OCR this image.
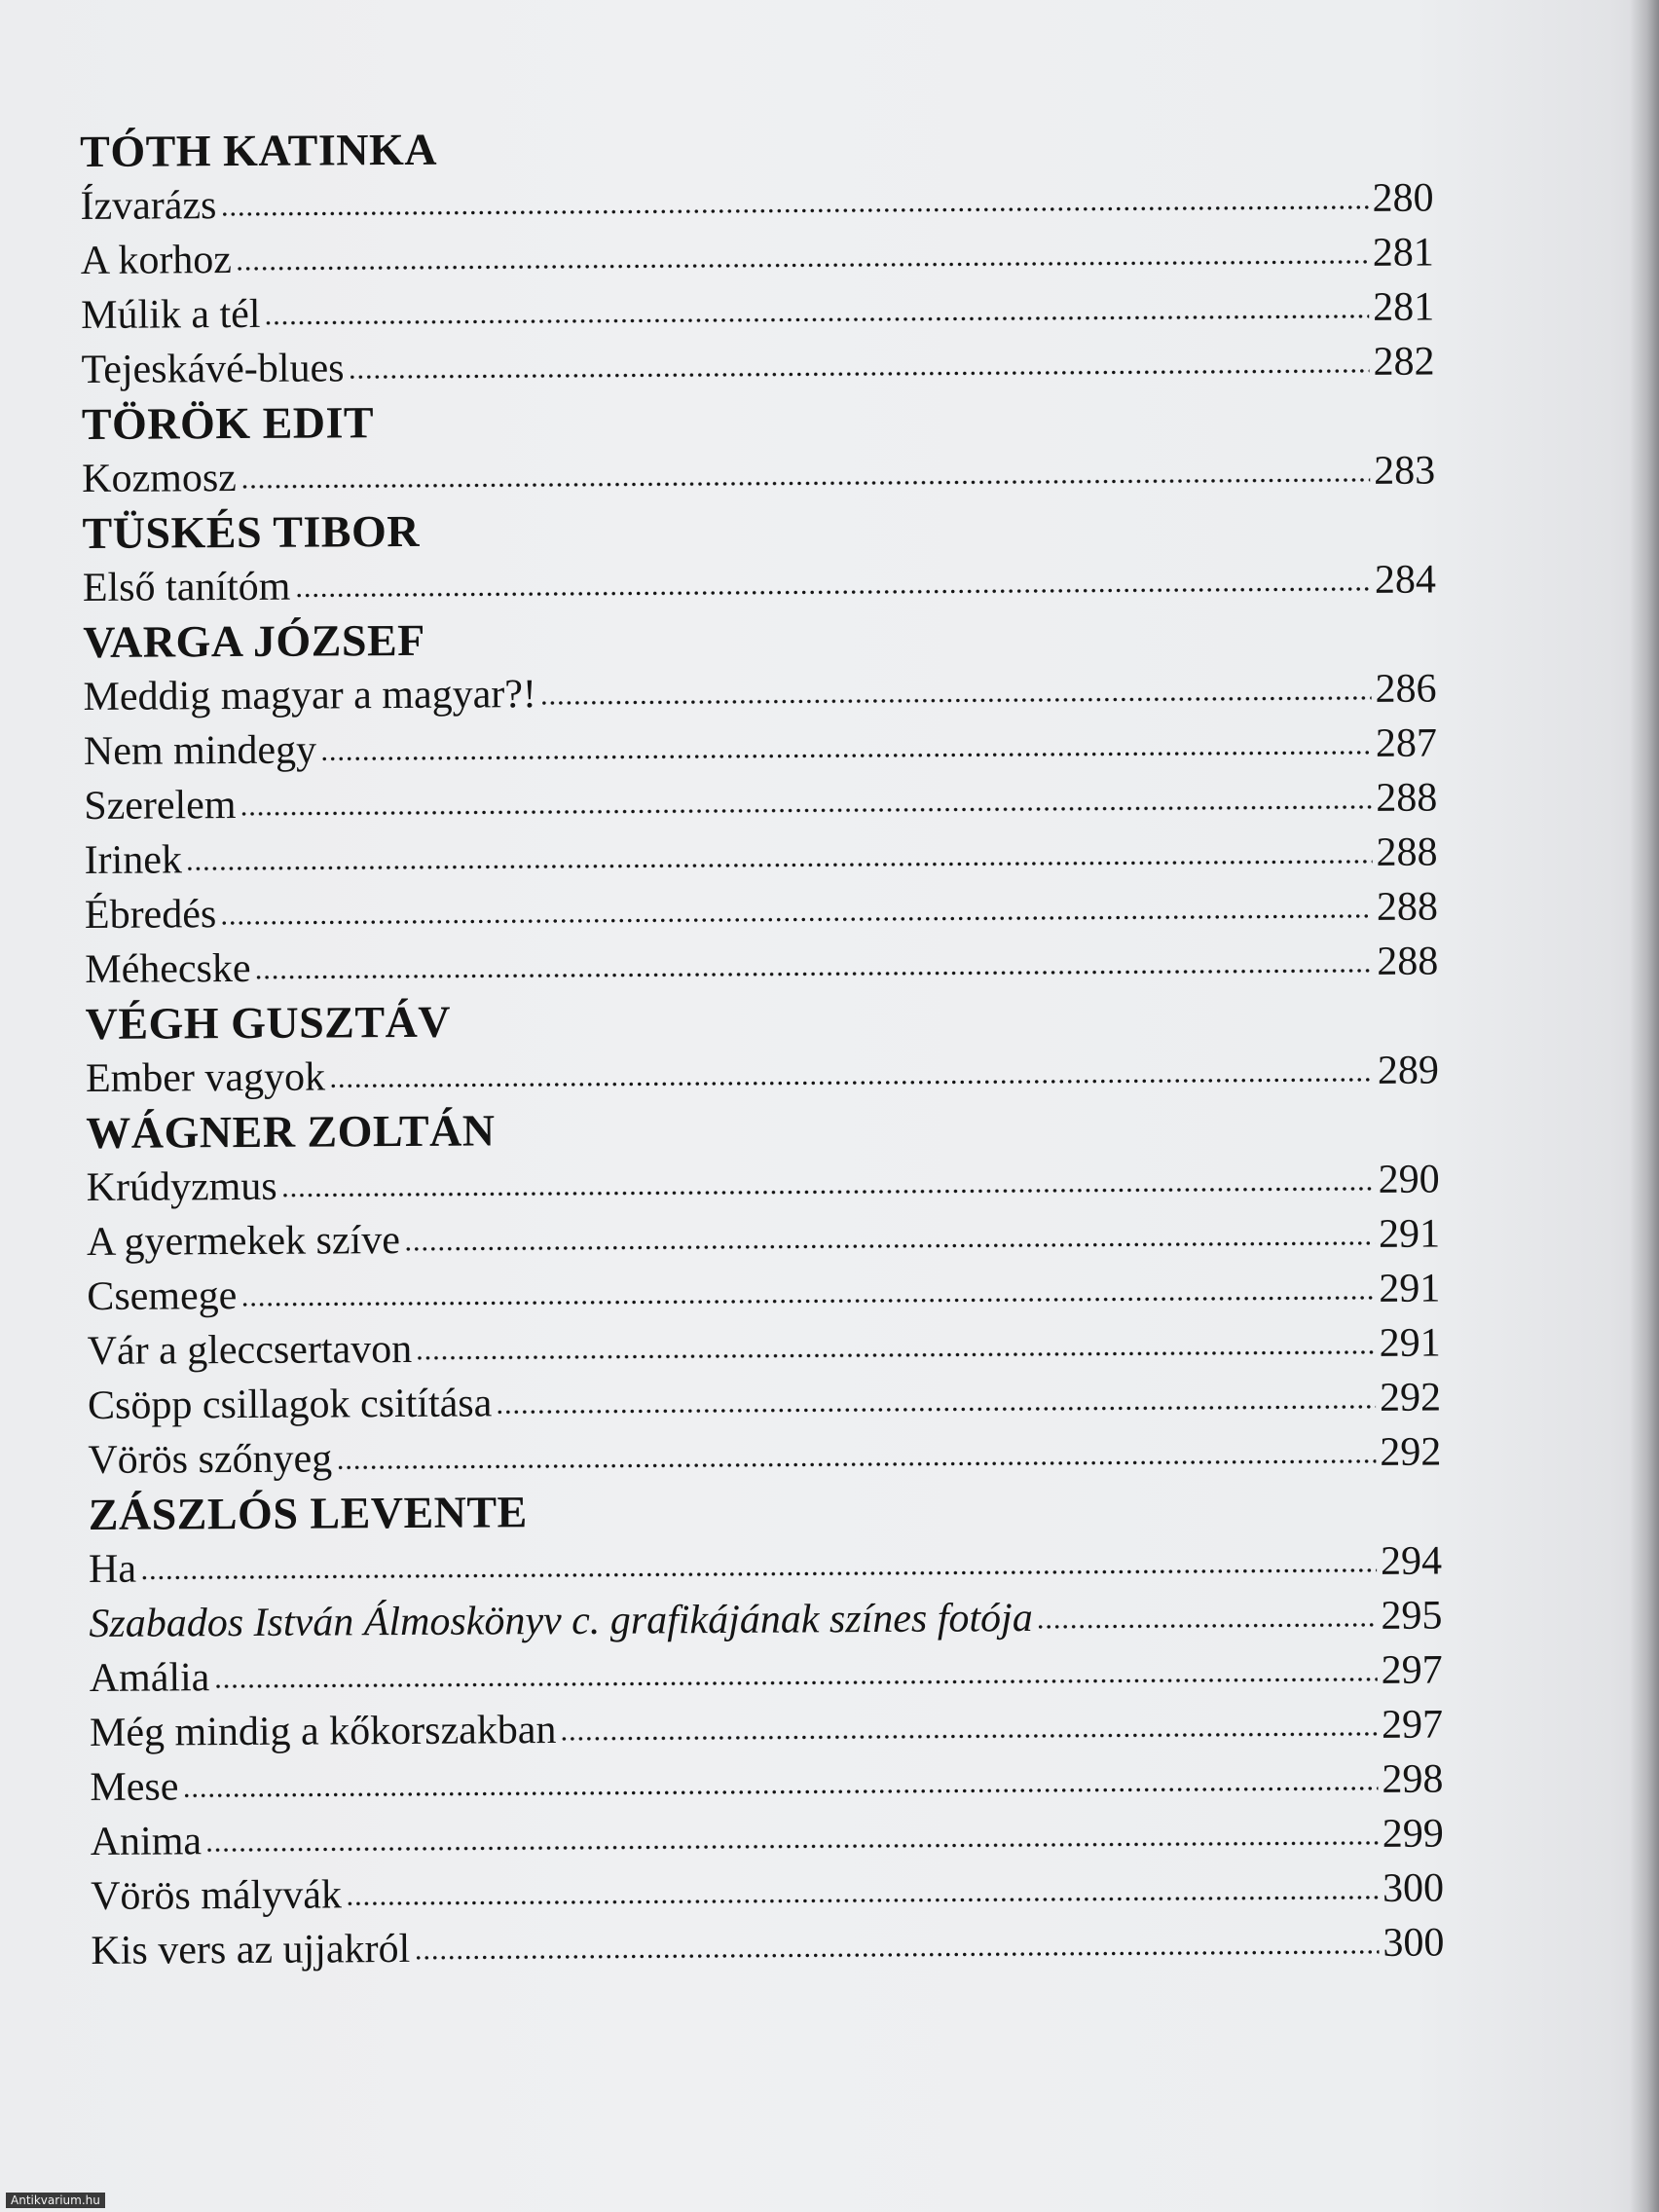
TÓTH KATINKA
Ízvarázs	280
A korhoz	281
Múlik a tél	281
Tejeskávé-blues	282
TÖRÖK EDIT
Kozmosz	283
TÜSKÉS TIBOR
Első tanítóm	284
VARGA JÓZSEF
Meddig magyar a magyar?!	286
Nem mindegy	287
Szerelem	288
Irinek	288
Ébredés	288
Méhecske	288
VÉGH GUSZTÁV
Ember vagyok	289
WÁGNER ZOLTÁN
Krúdyzmus	290
A gyermekek szíve	291
Csemege	291
Vár a gleccsertavon	291
Csöpp csillagok csitítása	292
Vörös szőnyeg	292
ZÁSZLÓS LEVENTE
Ha	294
Szabados István Álmoskönyv c. grafikájának színes fotója	295
Amália	297
Még mindig a kőkorszakban	297
Mese	298
Anima	299
Vörös mályvák	300
Kis vers az ujjakról	300
Antikvarium.hu
